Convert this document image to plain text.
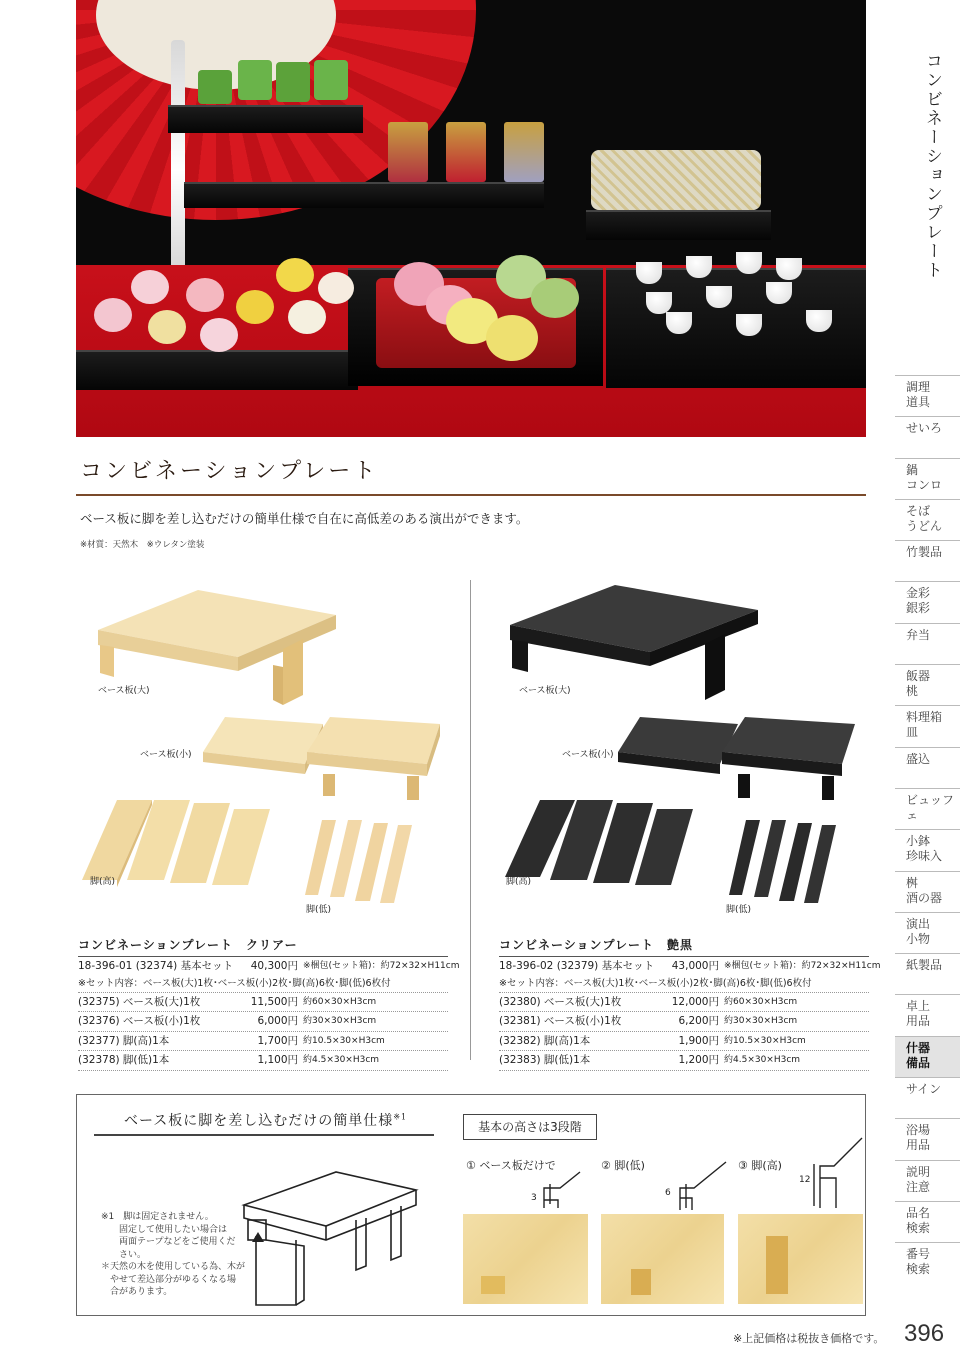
コンビネーションプレート
調理
道具
せいろ
鍋
コンロ
そば
うどん
竹製品
金彩
銀彩
弁当
飯器
桃
料理箱
皿
盛込
ビュッフェ
小鉢
珍味入
桝
酒の器
演出
小物
紙製品
卓上
用品
什器
備品
サイン
浴場
用品
説明
注意
品名
検索
番号
検索
コンビネーションプレート
ベース板に脚を差し込むだけの簡単仕様で自在に高低差のある演出ができます。
※材質：天然木　※ウレタン塗装
ベース板(大)
ベース板(小)
脚(高)
脚(低)
ベース板(大)
ベース板(小)
脚(高)
脚(低)
コンビネーションプレート　クリアー
18-396-01 (32374) 基本セット 40,300円 ※梱包(セット箱)：約72×32×H11cm
※セット内容：ベース板(大)1枚･ベース板(小)2枚･脚(高)6枚･脚(低)6枚付
(32375) ベース板(大)1枚	11,500円 約60×30×H3cm
(32376) ベース板(小)1枚	6,000円 約30×30×H3cm
(32377) 脚(高)1本	1,700円 約10.5×30×H3cm
(32378) 脚(低)1本	1,100円 約4.5×30×H3cm
コンビネーションプレート　艶黒
18-396-02 (32379) 基本セット 43,000円 ※梱包(セット箱)：約72×32×H11cm
※セット内容：ベース板(大)1枚･ベース板(小)2枚･脚(高)6枚･脚(低)6枚付
(32380) ベース板(大)1枚	12,000円 約60×30×H3cm
(32381) ベース板(小)1枚	6,200円 約30×30×H3cm
(32382) 脚(高)1本	1,900円 約10.5×30×H3cm
(32383) 脚(低)1本	1,200円 約4.5×30×H3cm
ベース板に脚を差し込むだけの簡単仕様$^{※1}$
※1　脚は固定されません。
　　固定して使用したい場合は
　　両面テープなどをご使用くだ
　　さい。
＊天然の木を使用している為、木が
　やせて差込部分がゆるくなる場
　合があります。
基本の高さは3段階
① ベース板だけで	② 脚(低)	③ 脚(高)
3	6
12
※上記価格は税抜き価格です。 396
